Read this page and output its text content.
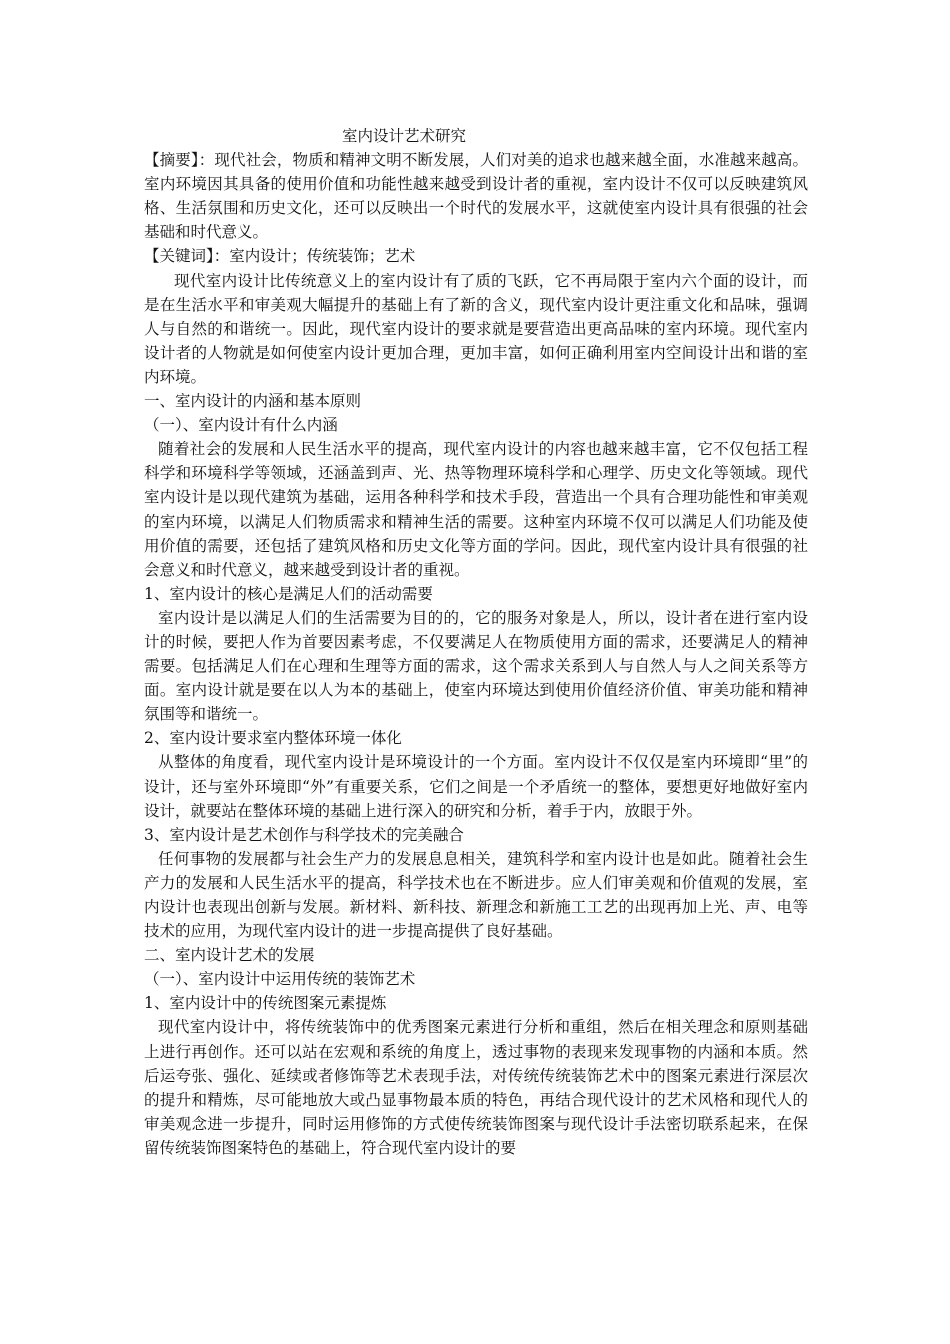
室内设计艺术研究

【摘要】：现代社会，物质和精神文明不断发展，人们对美的追求也越来越全面，水准越来越高。室内环境因其具备的使用价值和功能性越来越受到设计者的重视，室内设计不仅可以反映建筑风格、生活氛围和历史文化，还可以反映出一个时代的发展水平，这就使室内设计具有很强的社会基础和时代意义。

【关键词】：室内设计；传统装饰；艺术

现代室内设计比传统意义上的室内设计有了质的飞跃，它不再局限于室内六个面的设计，而是在生活水平和审美观大幅提升的基础上有了新的含义，现代室内设计更注重文化和品味，强调人与自然的和谐统一。因此，现代室内设计的要求就是要营造出更高品味的室内环境。现代室内设计者的人物就是如何使室内设计更加合理，更加丰富，如何正确利用室内空间设计出和谐的室内环境。

一、室内设计的内涵和基本原则

（一）、室内设计有什么内涵

随着社会的发展和人民生活水平的提高，现代室内设计的内容也越来越丰富，它不仅包括工程科学和环境科学等领域，还涵盖到声、光、热等物理环境科学和心理学、历史文化等领域。现代室内设计是以现代建筑为基础，运用各种科学和技术手段，营造出一个具有合理功能性和审美观的室内环境，以满足人们物质需求和精神生活的需要。这种室内环境不仅可以满足人们功能及使用价值的需要，还包括了建筑风格和历史文化等方面的学问。因此，现代室内设计具有很强的社会意义和时代意义，越来越受到设计者的重视。

1、室内设计的核心是满足人们的活动需要

室内设计是以满足人们的生活需要为目的的，它的服务对象是人，所以，设计者在进行室内设计的时候，要把人作为首要因素考虑，不仅要满足人在物质使用方面的需求，还要满足人的精神需要。包括满足人们在心理和生理等方面的需求，这个需求关系到人与自然人与人之间关系等方面。室内设计就是要在以人为本的基础上，使室内环境达到使用价值经济价值、审美功能和精神氛围等和谐统一。

2、室内设计要求室内整体环境一体化

从整体的角度看，现代室内设计是环境设计的一个方面。室内设计不仅仅是室内环境即“里”的设计，还与室外环境即“外”有重要关系，它们之间是一个矛盾统一的整体，要想更好地做好室内设计，就要站在整体环境的基础上进行深入的研究和分析，着手于内，放眼于外。

3、室内设计是艺术创作与科学技术的完美融合

任何事物的发展都与社会生产力的发展息息相关，建筑科学和室内设计也是如此。随着社会生产力的发展和人民生活水平的提高，科学技术也在不断进步。应人们审美观和价值观的发展，室内设计也表现出创新与发展。新材料、新科技、新理念和新施工工艺的出现再加上光、声、电等技术的应用，为现代室内设计的进一步提高提供了良好基础。

二、室内设计艺术的发展

（一）、室内设计中运用传统的装饰艺术

1、室内设计中的传统图案元素提炼

现代室内设计中，将传统装饰中的优秀图案元素进行分析和重组，然后在相关理念和原则基础上进行再创作。还可以站在宏观和系统的角度上，透过事物的表现来发现事物的内涵和本质。然后运夸张、强化、延续或者修饰等艺术表现手法，对传统传统装饰艺术中的图案元素进行深层次的提升和精炼，尽可能地放大或凸显事物最本质的特色，再结合现代设计的艺术风格和现代人的审美观念进一步提升，同时运用修饰的方式使传统装饰图案与现代设计手法密切联系起来，在保留传统装饰图案特色的基础上，符合现代室内设计的要
